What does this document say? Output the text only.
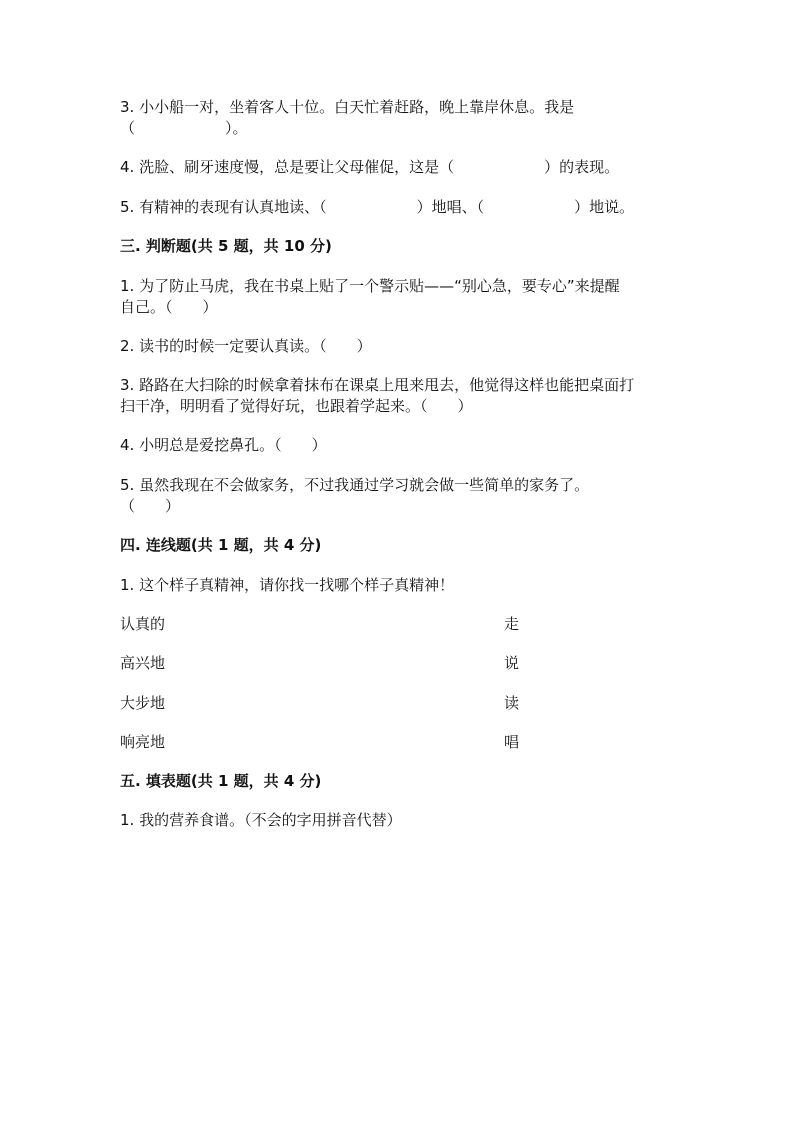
3. 小小船一对，坐着客人十位。白天忙着赶路，晚上靠岸休息。我是
（　　　　　　）。
4. 洗脸、刷牙速度慢，总是要让父母催促，这是（　　　　　　）的表现。
5. 有精神的表现有认真地读、（　　　　　　）地唱、（　　　　　　）地说。
三. 判断题(共 5 题，共 10 分)
1. 为了防止马虎，我在书桌上贴了一个警示贴——“别心急，要专心”来提醒
自己。（　　）
2. 读书的时候一定要认真读。（　　）
3. 路路在大扫除的时候拿着抹布在课桌上甩来甩去，他觉得这样也能把桌面打
扫干净，明明看了觉得好玩，也跟着学起来。（　　）
4. 小明总是爱挖鼻孔。（　　）
5. 虽然我现在不会做家务，不过我通过学习就会做一些简单的家务了。
（　　）
四. 连线题(共 1 题，共 4 分)
1. 这个样子真精神，请你找一找哪个样子真精神！
认真的	走
高兴地	说
大步地	读
响亮地	唱
五. 填表题(共 1 题，共 4 分)
1. 我的营养食谱。（不会的字用拼音代替）
